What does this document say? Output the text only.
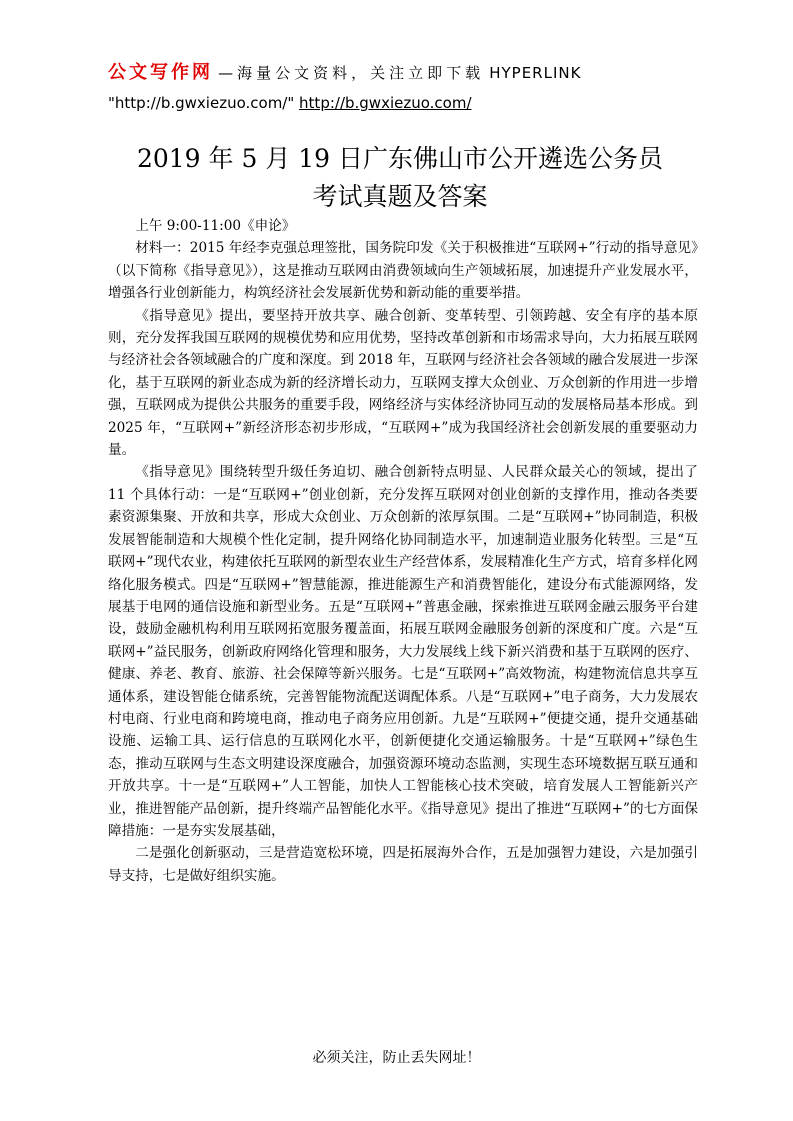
公文写作网 —海量公文资料，关注立即下载 HYPERLINK
"http://b.gwxiezuo.com/" http://b.gwxiezuo.com/
2019 年 5 月 19 日广东佛山市公开遴选公务员
考试真题及答案

上午 9:00-11:00《申论》

材料一：2015 年经李克强总理签批，国务院印发《关于积极推进“互联网+”行动的指导意见》（以下简称《指导意见》），这是推动互联网由消费领域向生产领域拓展，加速提升产业发展水平，增强各行业创新能力，构筑经济社会发展新优势和新动能的重要举措。

《指导意见》提出，要坚持开放共享、融合创新、变革转型、引领跨越、安全有序的基本原则，充分发挥我国互联网的规模优势和应用优势，坚持改革创新和市场需求导向，大力拓展互联网与经济社会各领域融合的广度和深度。到 2018 年，互联网与经济社会各领域的融合发展进一步深化，基于互联网的新业态成为新的经济增长动力，互联网支撑大众创业、万众创新的作用进一步增强，互联网成为提供公共服务的重要手段，网络经济与实体经济协同互动的发展格局基本形成。到 2025 年，“互联网+”新经济形态初步形成，“互联网+”成为我国经济社会创新发展的重要驱动力量。

《指导意见》围绕转型升级任务迫切、融合创新特点明显、人民群众最关心的领域，提出了 11 个具体行动：一是“互联网+”创业创新，充分发挥互联网对创业创新的支撑作用，推动各类要素资源集聚、开放和共享，形成大众创业、万众创新的浓厚氛围。二是“互联网+”协同制造，积极发展智能制造和大规模个性化定制，提升网络化协同制造水平，加速制造业服务化转型。三是“互联网+”现代农业，构建依托互联网的新型农业生产经营体系，发展精准化生产方式，培育多样化网络化服务模式。四是“互联网+”智慧能源，推进能源生产和消费智能化，建设分布式能源网络，发展基于电网的通信设施和新型业务。五是“互联网+”普惠金融，探索推进互联网金融云服务平台建设，鼓励金融机构利用互联网拓宽服务覆盖面，拓展互联网金融服务创新的深度和广度。六是“互联网+”益民服务，创新政府网络化管理和服务，大力发展线上线下新兴消费和基于互联网的医疗、健康、养老、教育、旅游、社会保障等新兴服务。七是“互联网+”高效物流，构建物流信息共享互通体系，建设智能仓储系统，完善智能物流配送调配体系。八是“互联网+”电子商务，大力发展农村电商、行业电商和跨境电商，推动电子商务应用创新。九是“互联网+”便捷交通，提升交通基础设施、运输工具、运行信息的互联网化水平，创新便捷化交通运输服务。十是“互联网+”绿色生态，推动互联网与生态文明建设深度融合，加强资源环境动态监测，实现生态环境数据互联互通和开放共享。十一是“互联网+”人工智能，加快人工智能核心技术突破，培育发展人工智能新兴产业，推进智能产品创新，提升终端产品智能化水平。《指导意见》提出了推进“互联网+”的七方面保障措施：一是夯实发展基础，

二是强化创新驱动，三是营造宽松环境，四是拓展海外合作，五是加强智力建设，六是加强引导支持，七是做好组织实施。

必须关注，防止丢失网址！
